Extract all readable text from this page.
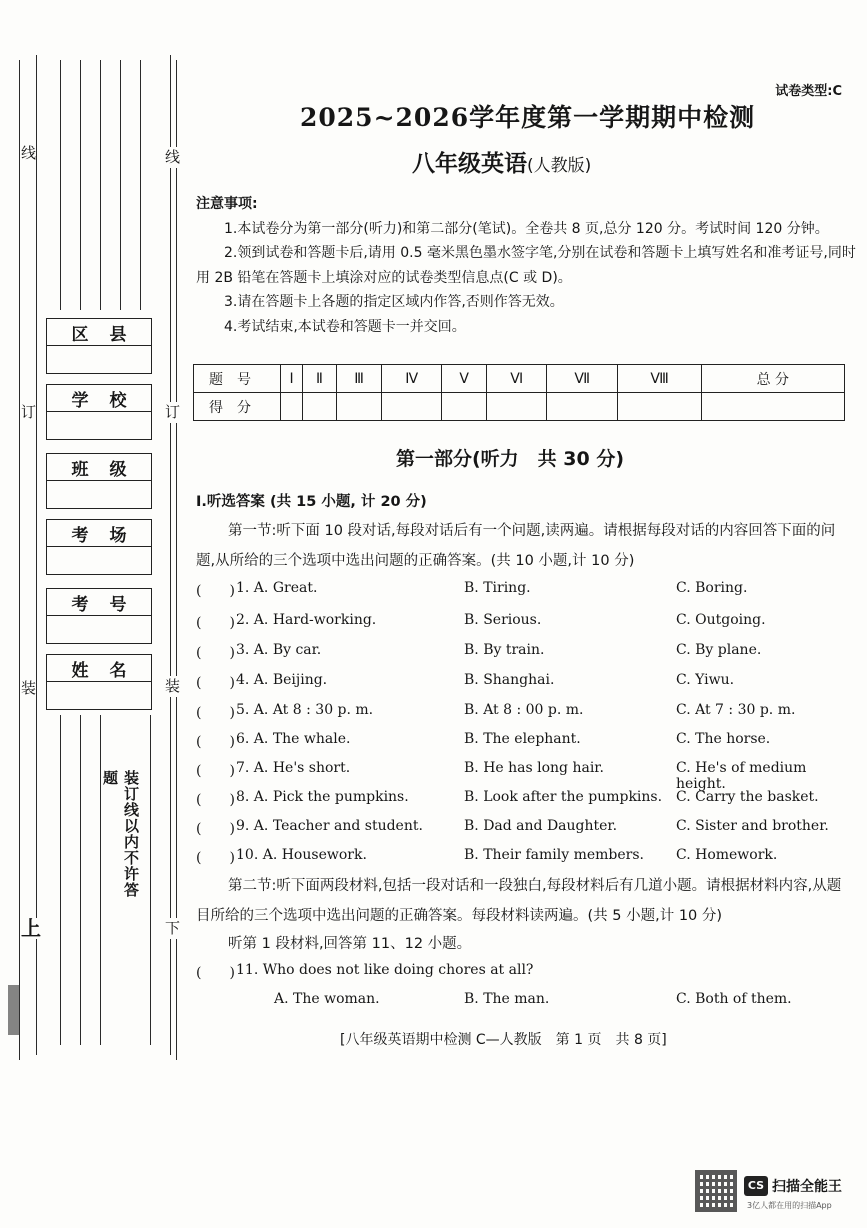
线
订
装
上
线
订
装
下
区 县
学 校
班 级
考 场
考 号
姓 名
装订线以内不许答题
试卷类型:C
2025~2026学年度第一学期期中检测
八年级英语(人教版)
注意事项:

1.本试卷分为第一部分(听力)和第二部分(笔试)。全卷共 8 页,总分 120 分。考试时间 120 分钟。

2.领到试卷和答题卡后,请用 0.5 毫米黑色墨水签字笔,分别在试卷和答题卡上填写姓名和准考证号,同时用 2B 铅笔在答题卡上填涂对应的试卷类型信息点(C 或 D)。

3.请在答题卡上各题的指定区域内作答,否则作答无效。

4.考试结束,本试卷和答题卡一并交回。

题号	I	Ⅱ	Ⅲ	Ⅳ	V	Ⅵ	Ⅶ	Ⅷ	总 分
得分									
第一部分(听力　共 30 分)
Ⅰ.听选答案 (共 15 小题, 计 20 分)

第一节:听下面 10 段对话,每段对话后有一个问题,读两遍。请根据每段对话的内容回答下面的问题,从所给的三个选项中选出问题的正确答案。(共 10 小题,计 10 分)

(　　) 1. A. Great.	B. Tiring.	C. Boring.
(　　) 2. A. Hard-working.	B. Serious.	C. Outgoing.
(　　) 3. A. By car.	B. By train.	C. By plane.
(　　) 4. A. Beijing.	B. Shanghai.	C. Yiwu.
(　　) 5. A. At 8 : 30 p. m.	B. At 8 : 00 p. m.	C. At 7 : 30 p. m.
(　　) 6. A. The whale.	B. The elephant.	C. The horse.
(　　) 7. A. He's short.	B. He has long hair.	C. He's of medium height.
(　　) 8. A. Pick the pumpkins.	B. Look after the pumpkins. C. Carry the basket.
(　　) 9. A. Teacher and student.	B. Dad and Daughter.	C. Sister and brother.
(　　) 10. A. Housework.	B. Their family members. C. Homework.

第二节:听下面两段材料,包括一段对话和一段独白,每段材料后有几道小题。请根据材料内容,从题目所给的三个选项中选出问题的正确答案。每段材料读两遍。(共 5 小题,计 10 分)

听第 1 段材料,回答第 11、12 小题。

(　　) 11. Who does not like doing chores at all?
A. The woman.	B. The man.	C. Both of them.
[八年级英语期中检测 C—人教版　第 1 页　共 8 页]
CS 扫描全能王
3亿人都在用的扫描App
